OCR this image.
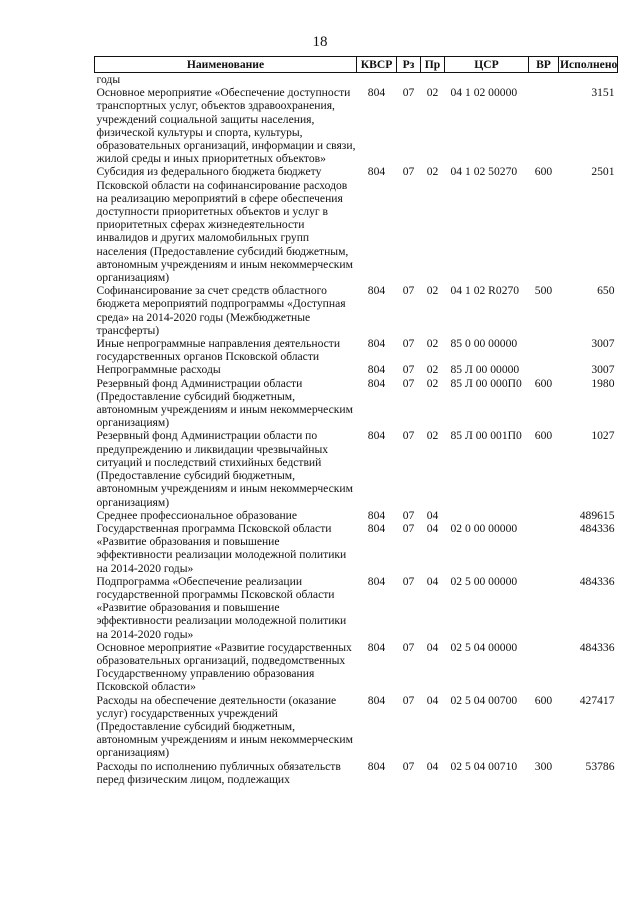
18
Наименование	КВСР	Рз	Пр	ЦСР	ВР	Исполнено
годы						
Основное мероприятие «Обеспечение доступности транспортных услуг, объектов здравоохранения, учреждений социальной защиты населения, физической культуры и спорта, культуры, образовательных организаций, информации и связи, жилой среды и иных приоритетных объектов»	804	07	02	04 1 02 00000		3151
Субсидия из федерального бюджета бюджету Псковской области на софинансирование расходов на реализацию мероприятий в сфере обеспечения доступности приоритетных объектов и услуг в приоритетных сферах жизнедеятельности инвалидов и других маломобильных групп населения (Предоставление субсидий бюджетным, автономным учреждениям и иным некоммерческим организациям)	804	07	02	04 1 02 50270	600	2501
Софинансирование за счет средств областного бюджета мероприятий подпрограммы «Доступная среда» на 2014-2020 годы (Межбюджетные трансферты)	804	07	02	04 1 02 R0270	500	650
Иные непрограммные направления деятельности государственных органов Псковской области	804	07	02	85 0 00 00000		3007
Непрограммные расходы	804	07	02	85 Л 00 00000		3007
Резервный фонд Администрации области (Предоставление субсидий бюджетным, автономным учреждениям и иным некоммерческим организациям)	804	07	02	85 Л 00 000П0	600	1980
Резервный фонд Администрации области по предупреждению и ликвидации чрезвычайных ситуаций и последствий стихийных бедствий (Предоставление субсидий бюджетным, автономным учреждениям и иным некоммерческим организациям)	804	07	02	85 Л 00 001П0	600	1027
Среднее профессиональное образование	804	07	04			489615
Государственная программа Псковской области «Развитие образования и повышение эффективности реализации молодежной политики на 2014-2020 годы»	804	07	04	02 0 00 00000		484336
Подпрограмма «Обеспечение реализации государственной программы Псковской области «Развитие образования и повышение эффективности реализации молодежной политики на 2014-2020 годы»	804	07	04	02 5 00 00000		484336
Основное мероприятие «Развитие государственных образовательных организаций, подведомственных Государственному управлению образования Псковской области»	804	07	04	02 5 04 00000		484336
Расходы на обеспечение деятельности (оказание услуг) государственных учреждений (Предоставление субсидий бюджетным, автономным учреждениям и иным некоммерческим организациям)	804	07	04	02 5 04 00700	600	427417
Расходы по исполнению публичных обязательств перед физическим лицом, подлежащих	804	07	04	02 5 04 00710	300	53786
